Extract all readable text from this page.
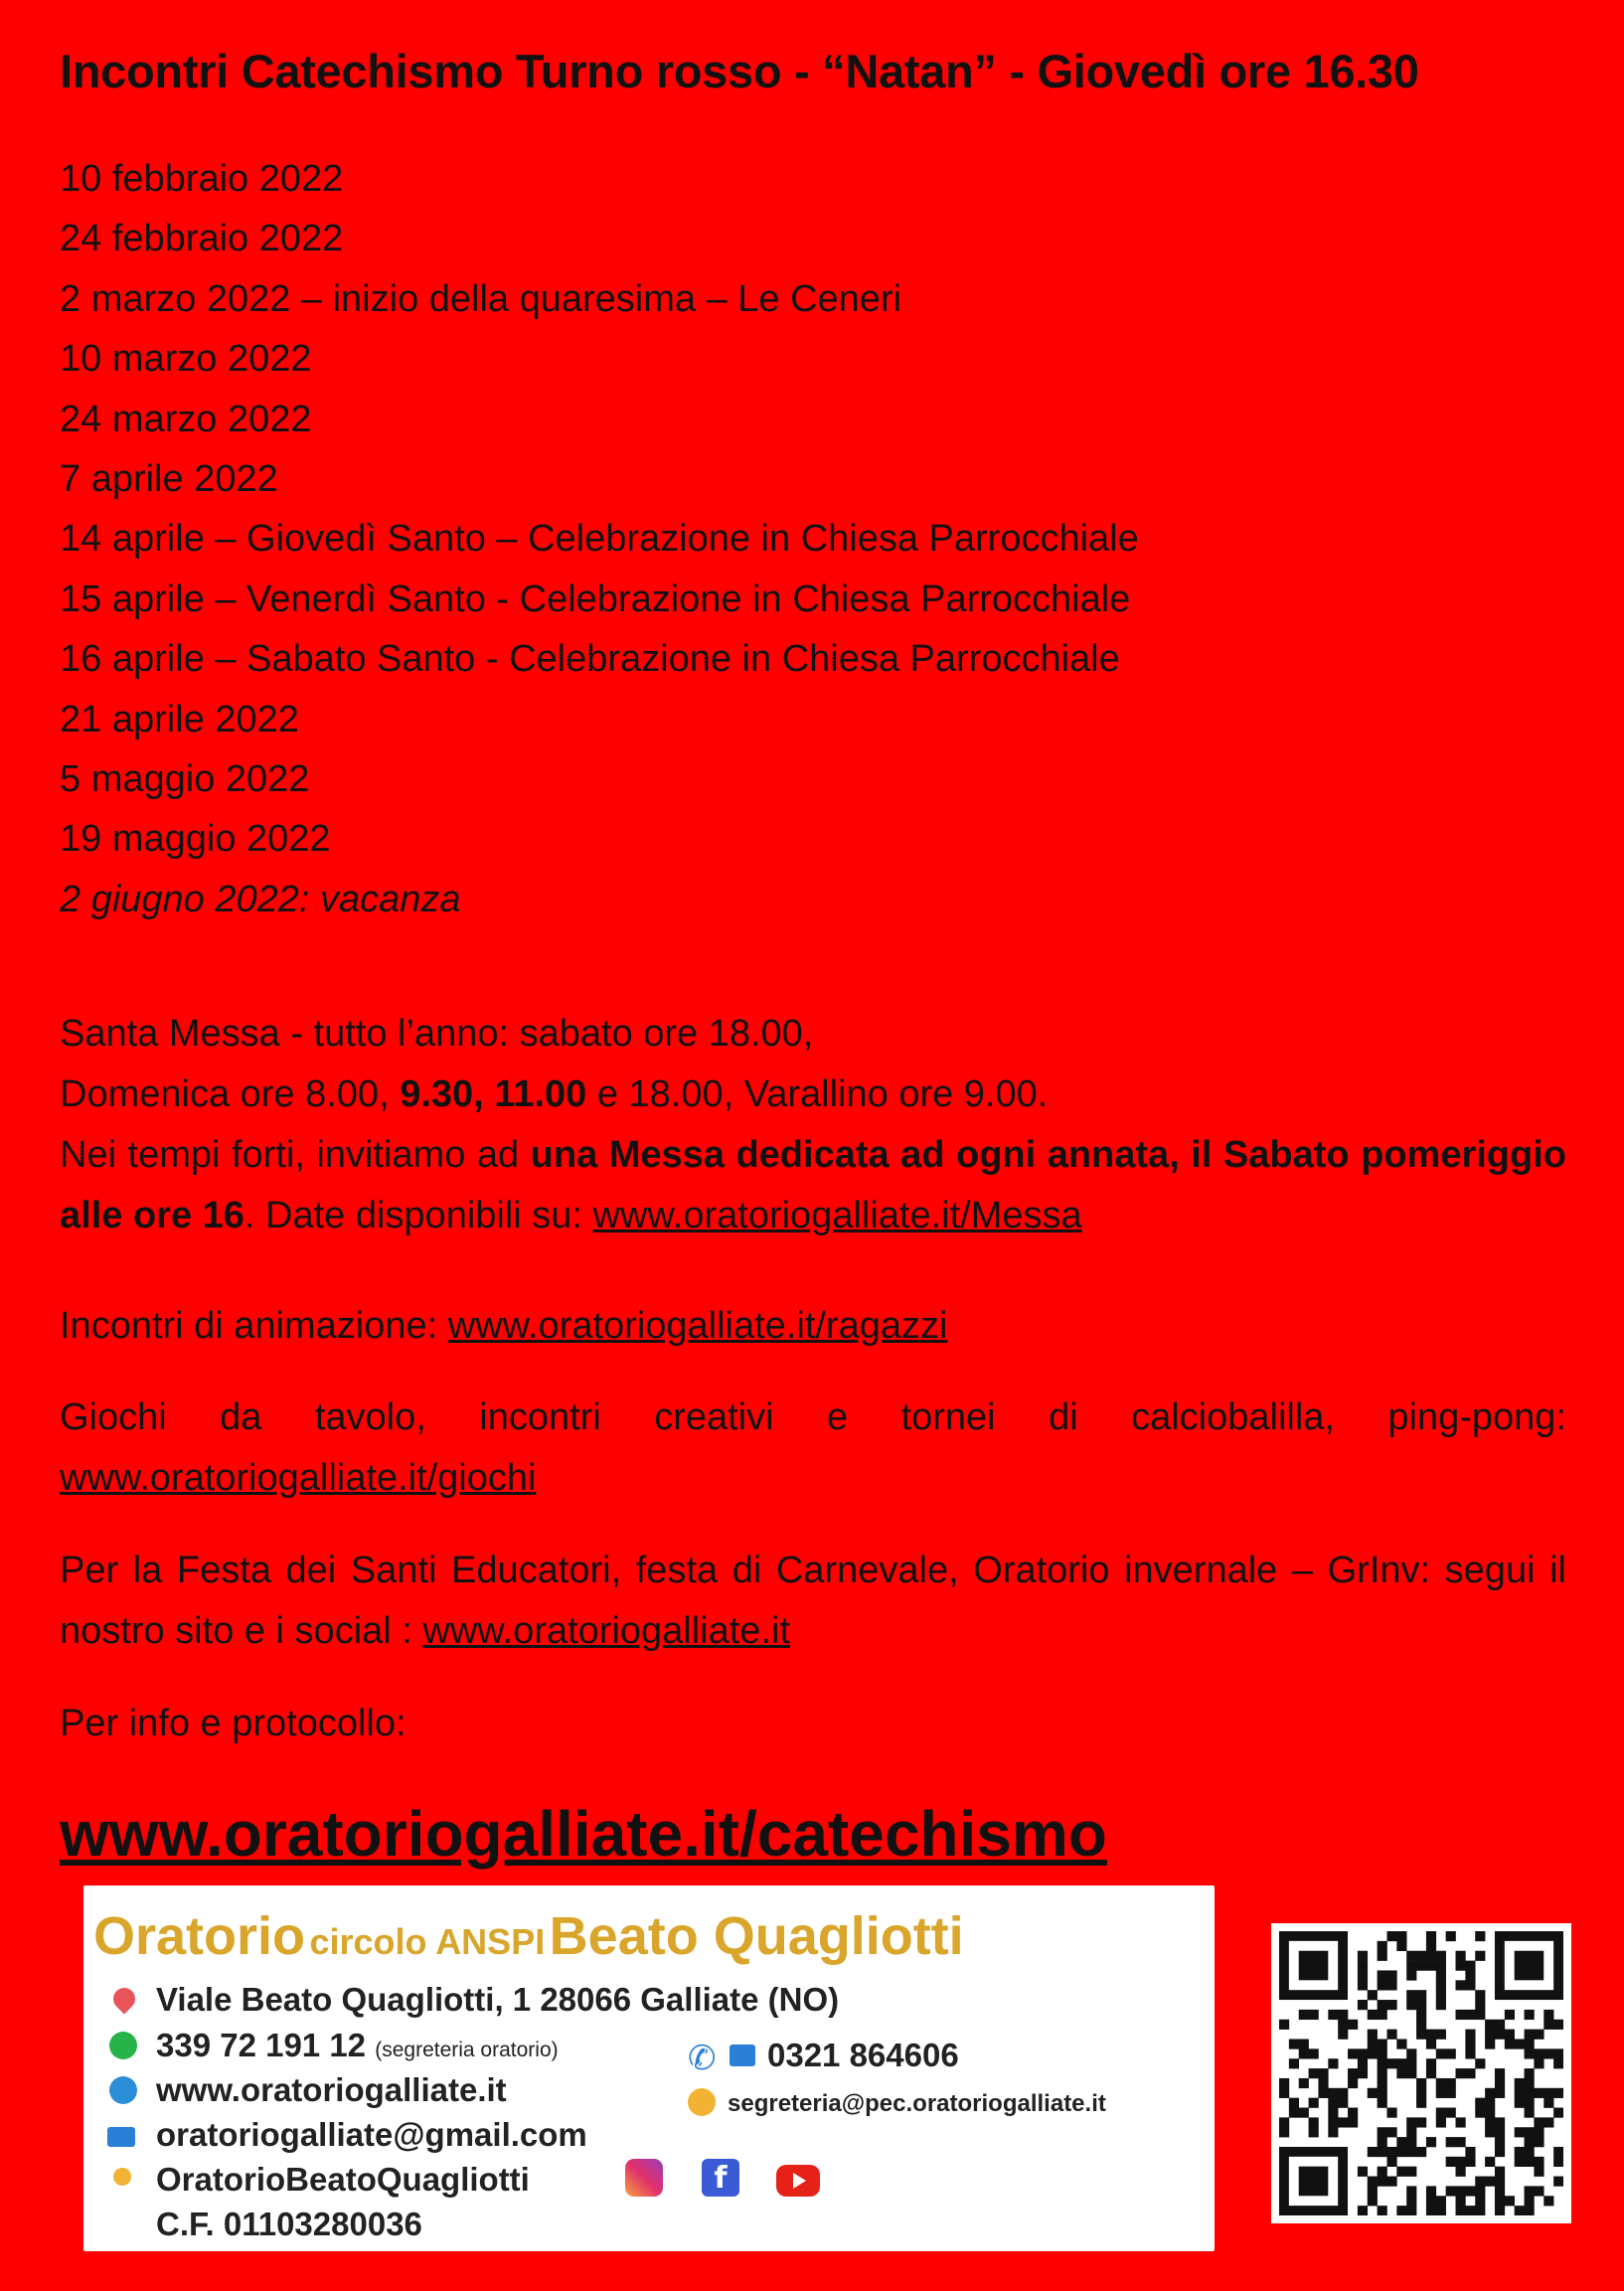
Incontri Catechismo Turno rosso - “Natan” - Giovedì ore 16.30
10 febbraio 2022
24 febbraio 2022
2 marzo 2022 – inizio della quaresima – Le Ceneri
10 marzo 2022
24 marzo 2022
7 aprile 2022
14 aprile – Giovedì Santo – Celebrazione in Chiesa Parrocchiale
15 aprile – Venerdì Santo - Celebrazione in Chiesa Parrocchiale
16 aprile – Sabato Santo - Celebrazione in Chiesa Parrocchiale
21 aprile 2022
5 maggio 2022
19 maggio 2022
2 giugno 2022: vacanza
Santa Messa - tutto l’anno: sabato ore 18.00,
Domenica ore 8.00, 9.30, 11.00 e 18.00, Varallino ore 9.00.
Nei tempi forti, invitiamo ad una Messa dedicata ad ogni annata, il Sabato pomeriggio alle ore 16. Date disponibili su: www.oratoriogalliate.it/Messa
Incontri di animazione: www.oratoriogalliate.it/ragazzi
Giochi da tavolo, incontri creativi e tornei di calciobalilla, ping-pong: www.oratoriogalliate.it/giochi
Per la Festa dei Santi Educatori, festa di Carnevale, Oratorio invernale – GrInv: segui il nostro sito e i social : www.oratoriogalliate.it
Per info e protocollo:
www.oratoriogalliate.it/catechismo
Oratorio circolo ANSPI Beato Quagliotti
Viale Beato Quagliotti, 1 28066 Galliate (NO)
339 72 191 12 (segreteria oratorio)
www.oratoriogalliate.it
oratoriogalliate@gmail.com
OratorioBeatoQuagliotti
C.F. 01103280036
✆ 0321 864606
segreteria@pec.oratoriogalliate.it
f
